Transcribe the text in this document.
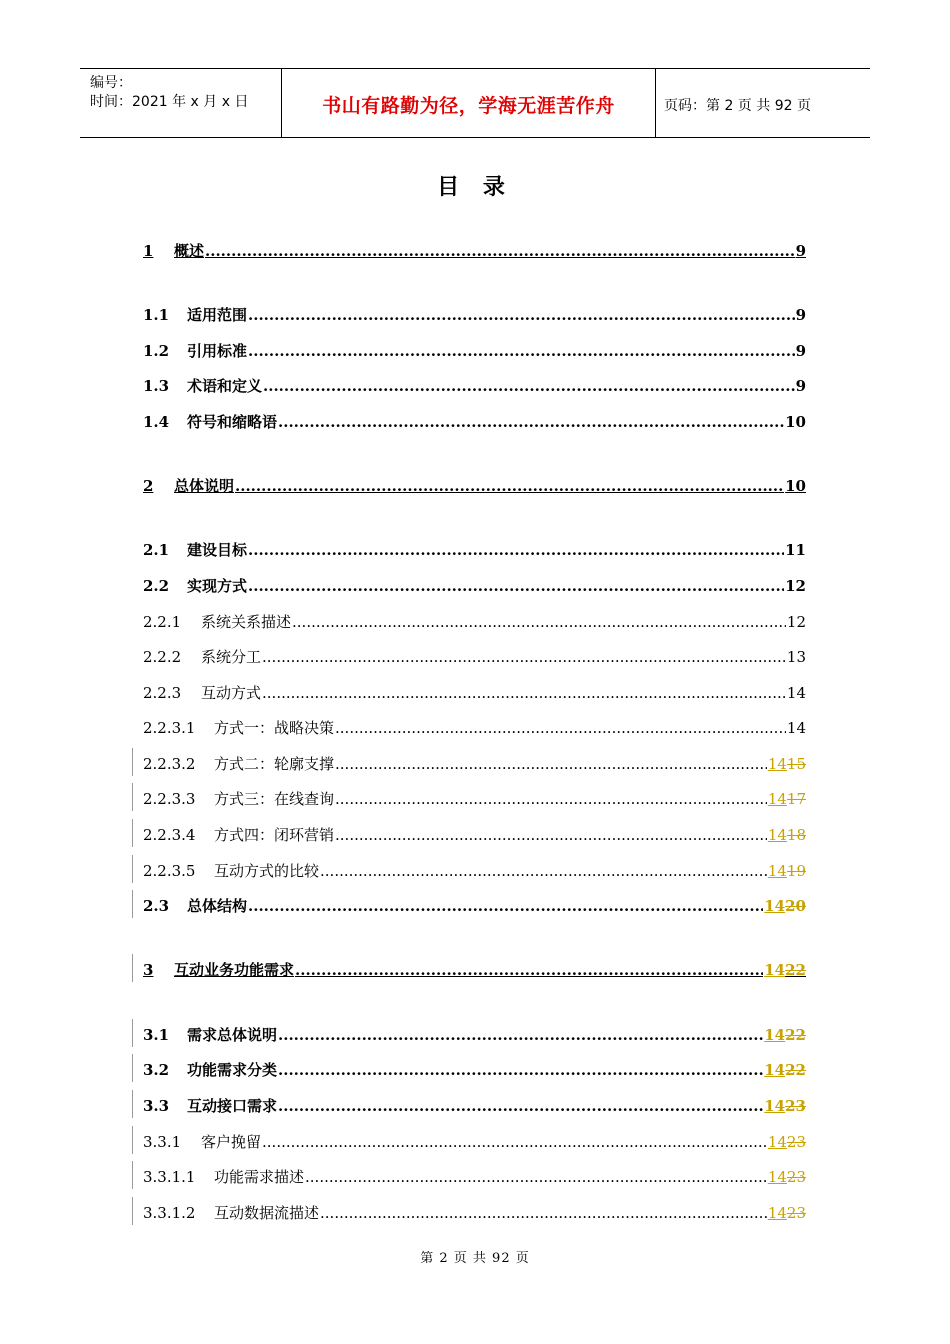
编号：
时间：2021 年 x 月 x 日	书山有路勤为径，学海无涯苦作舟	页码：第 2 页 共 92 页
目 录
1	概述 .....	9
1.1	适用范围 .....	9
1.2	引用标准 .....	9
1.3	术语和定义 .....	9
1.4	符号和缩略语 .....	10
2	总体说明 .....	10
2.1	建设目标 .....	11
2.2	实现方式 .....	12
2.2.1	系统关系描述 .....	12
2.2.2	系统分工 .....	13
2.2.3	互动方式 .....	14
2.2.3.1	方式一：战略决策 .....	14
2.2.3.2	方式二：轮廓支撑 .....	1415
2.2.3.3	方式三：在线查询 .....	1417
2.2.3.4	方式四：闭环营销 .....	1418
2.2.3.5	互动方式的比较 .....	1419
2.3	总体结构 .....	1420
3	互动业务功能需求 .....	1422
3.1	需求总体说明 .....	1422
3.2	功能需求分类 .....	1422
3.3	互动接口需求 .....	1423
3.3.1	客户挽留 .....	1423
3.3.1.1	功能需求描述 .....	1423
3.3.1.2	互动数据流描述 .....	1423
第 2 页 共 92 页
